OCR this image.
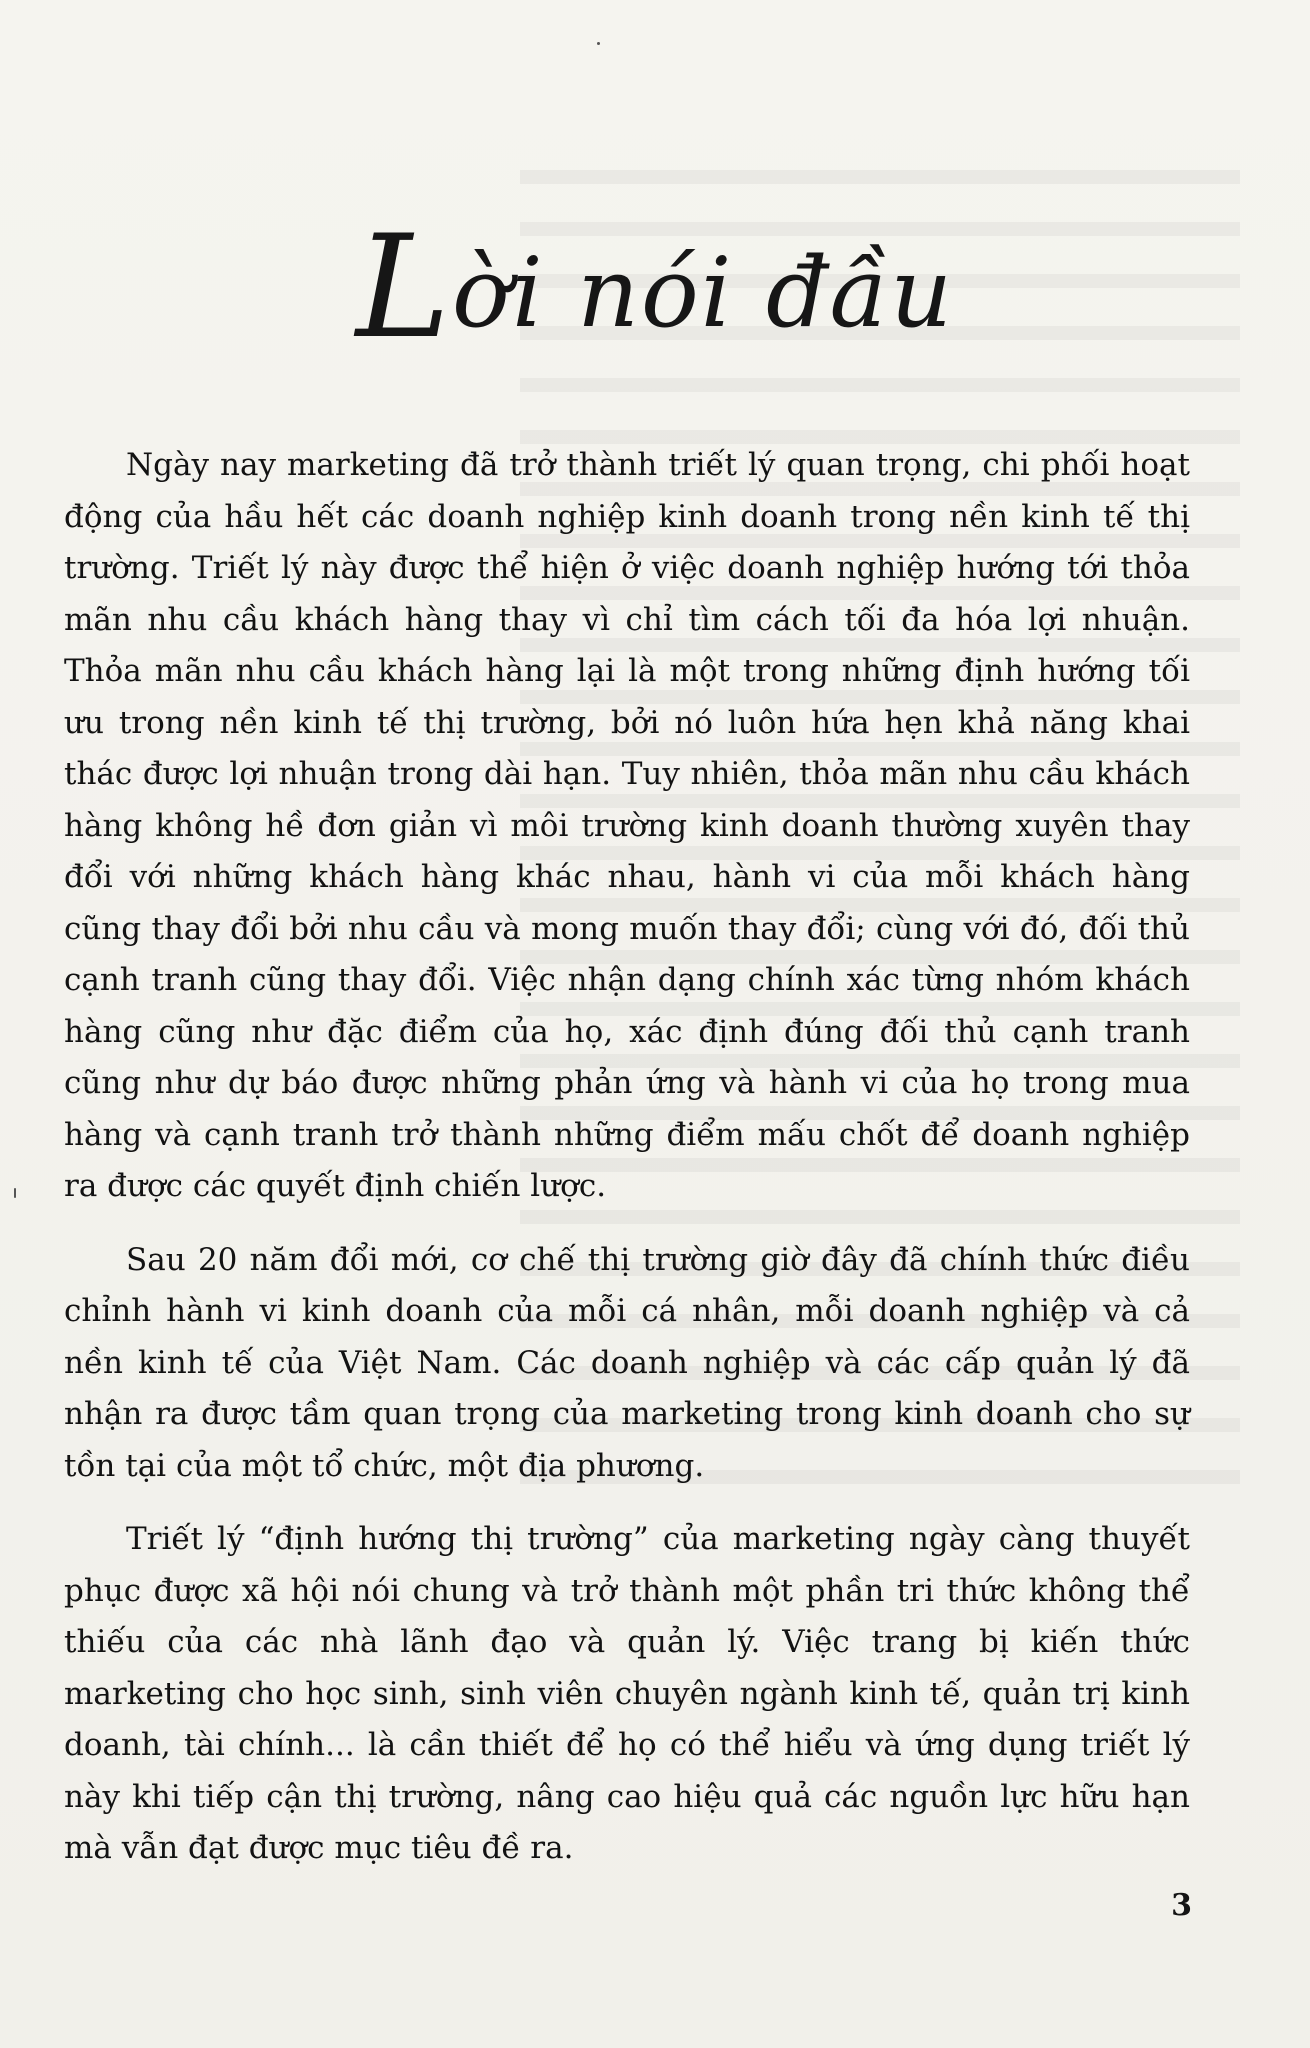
Lời nói đầu

Ngày nay marketing đã trở thành triết lý quan trọng, chi phối hoạt động của hầu hết các doanh nghiệp kinh doanh trong nền kinh tế thị trường. Triết lý này được thể hiện ở việc doanh nghiệp hướng tới thỏa mãn nhu cầu khách hàng thay vì chỉ tìm cách tối đa hóa lợi nhuận. Thỏa mãn nhu cầu khách hàng lại là một trong những định hướng tối ưu trong nền kinh tế thị trường, bởi nó luôn hứa hẹn khả năng khai thác được lợi nhuận trong dài hạn. Tuy nhiên, thỏa mãn nhu cầu khách hàng không hề đơn giản vì môi trường kinh doanh thường xuyên thay đổi với những khách hàng khác nhau, hành vi của mỗi khách hàng cũng thay đổi bởi nhu cầu và mong muốn thay đổi; cùng với đó, đối thủ cạnh tranh cũng thay đổi. Việc nhận dạng chính xác từng nhóm khách hàng cũng như đặc điểm của họ, xác định đúng đối thủ cạnh tranh cũng như dự báo được những phản ứng và hành vi của họ trong mua hàng và cạnh tranh trở thành những điểm mấu chốt để doanh nghiệp ra được các quyết định chiến lược.

Sau 20 năm đổi mới, cơ chế thị trường giờ đây đã chính thức điều chỉnh hành vi kinh doanh của mỗi cá nhân, mỗi doanh nghiệp và cả nền kinh tế của Việt Nam. Các doanh nghiệp và các cấp quản lý đã nhận ra được tầm quan trọng của marketing trong kinh doanh cho sự tồn tại của một tổ chức, một địa phương.

Triết lý “định hướng thị trường” của marketing ngày càng thuyết phục được xã hội nói chung và trở thành một phần tri thức không thể thiếu của các nhà lãnh đạo và quản lý. Việc trang bị kiến thức marketing cho học sinh, sinh viên chuyên ngành kinh tế, quản trị kinh doanh, tài chính... là cần thiết để họ có thể hiểu và ứng dụng triết lý này khi tiếp cận thị trường, nâng cao hiệu quả các nguồn lực hữu hạn mà vẫn đạt được mục tiêu đề ra.

3
